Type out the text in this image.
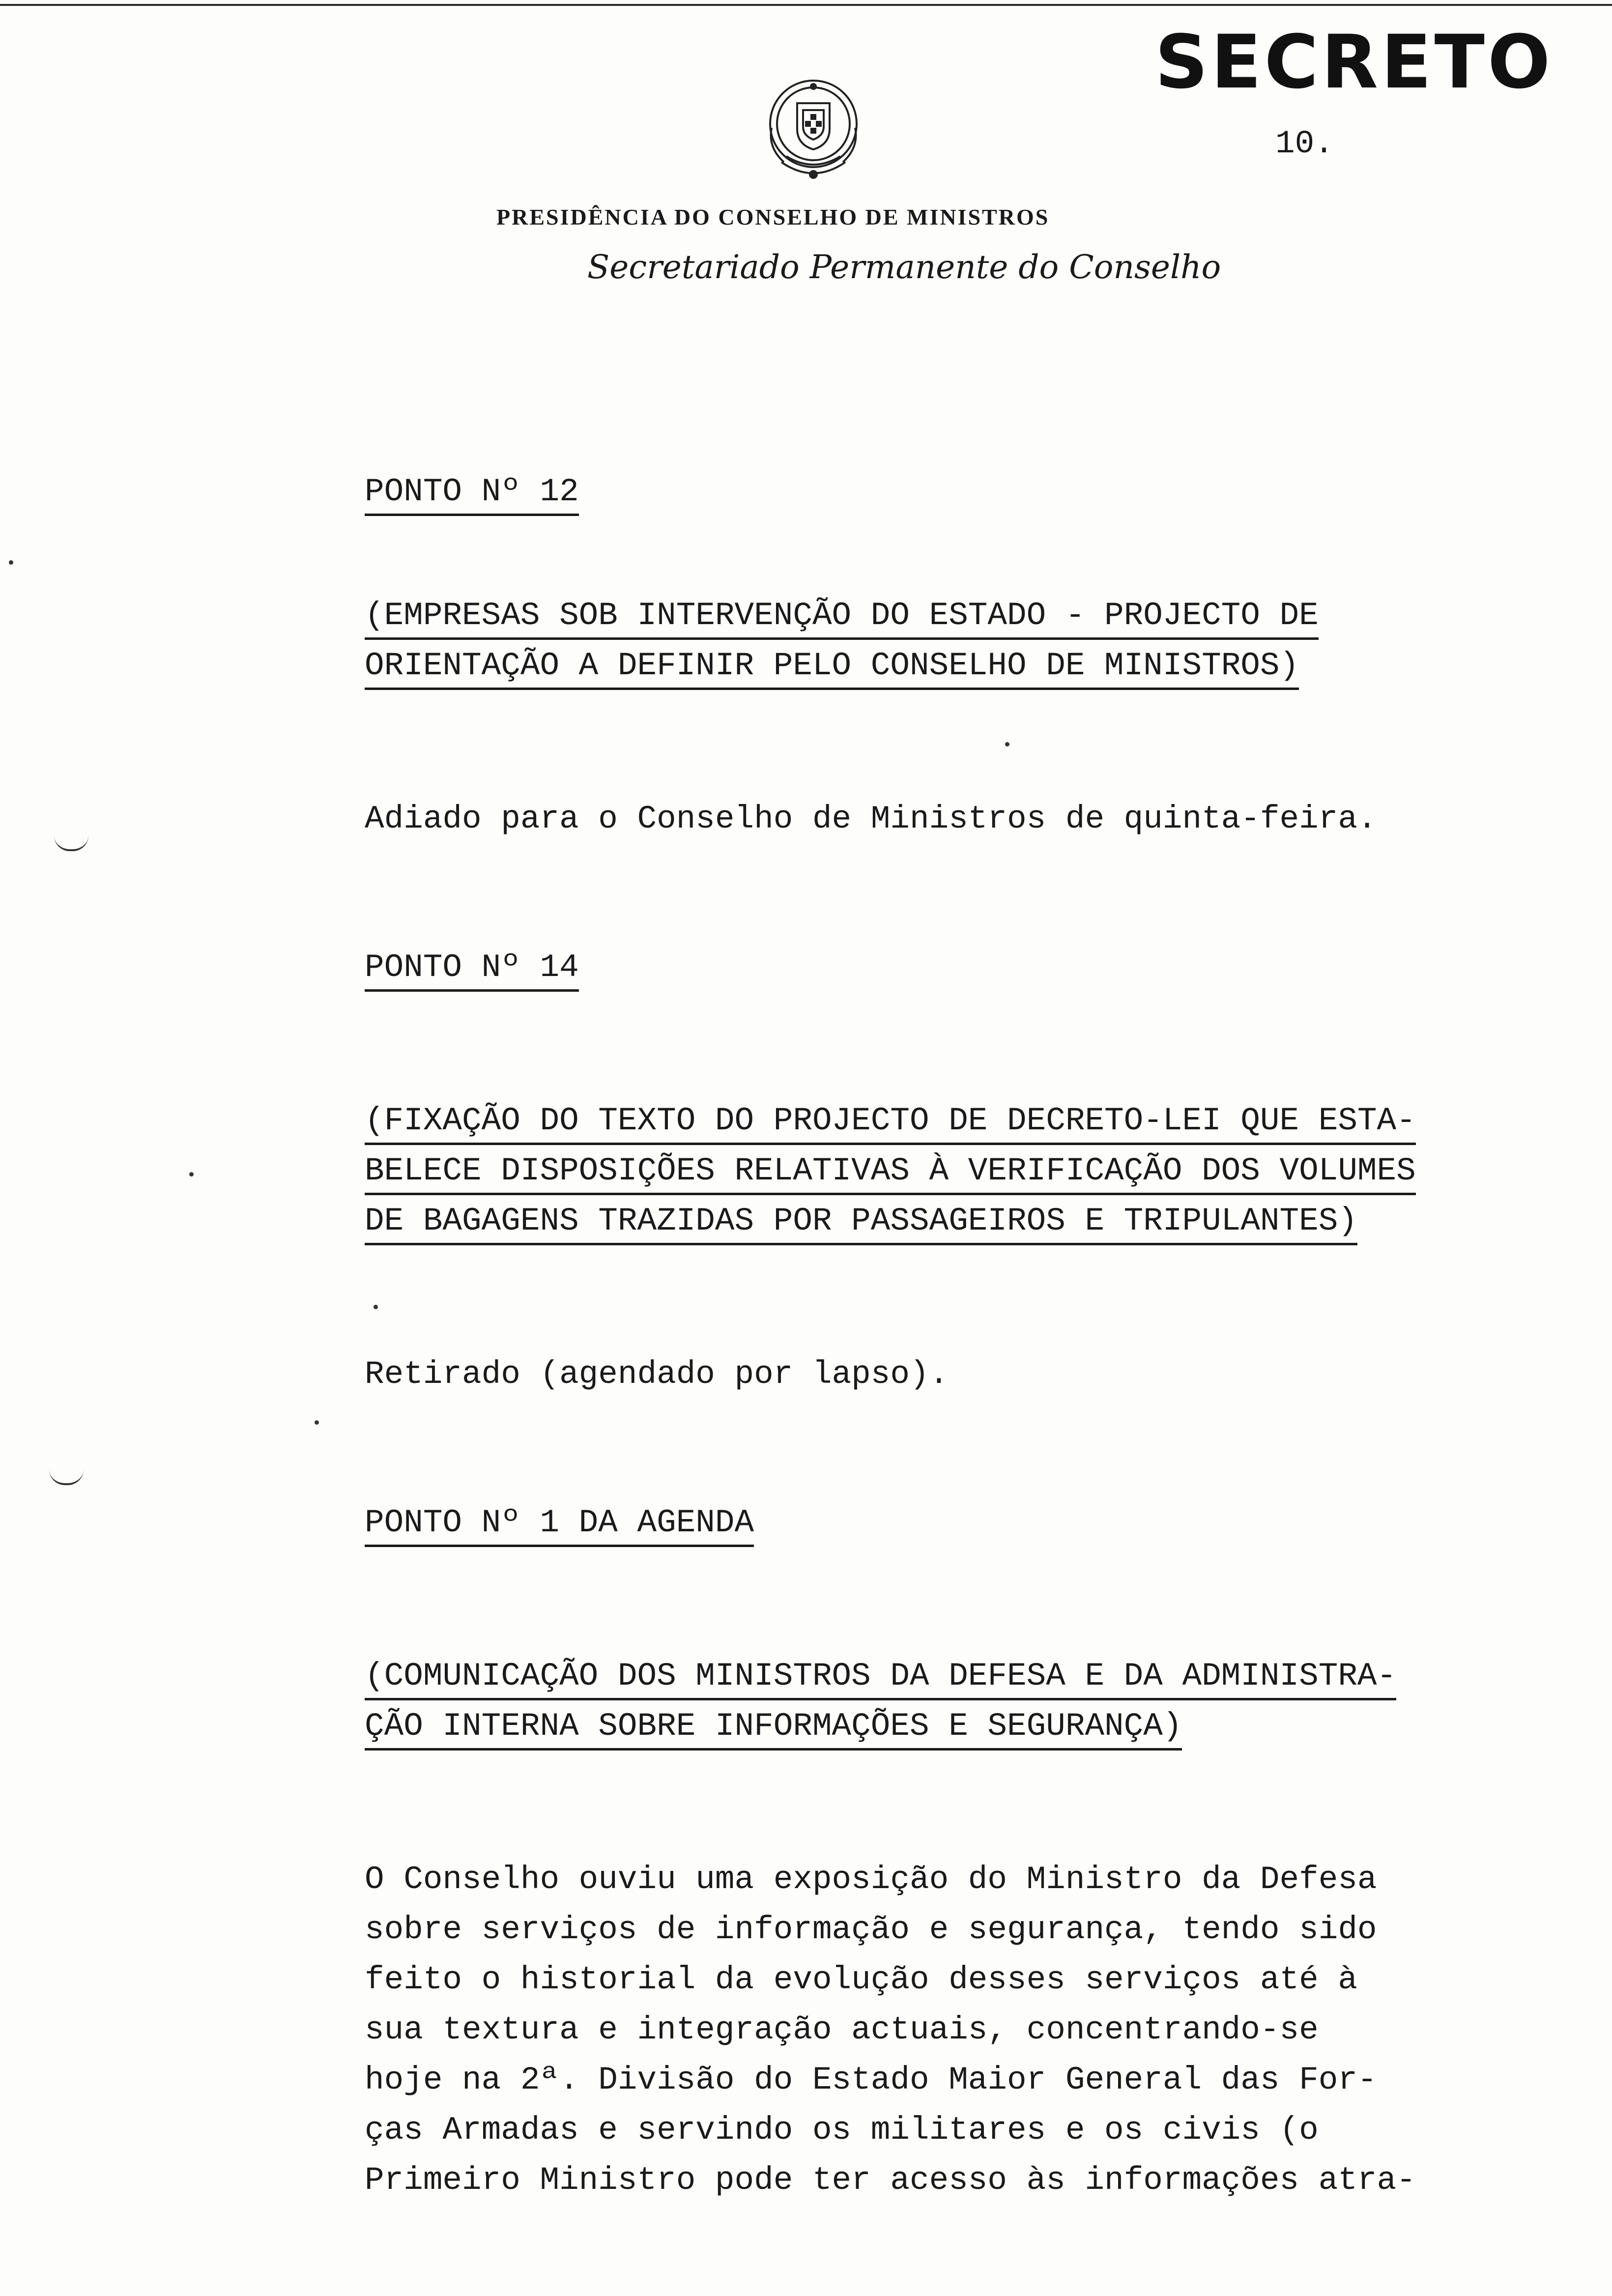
SECRETO
10.
PRESIDÊNCIA DO CONSELHO DE MINISTROS
Secretariado Permanente do Conselho
PONTO Nº 12
(EMPRESAS SOB INTERVENÇÃO DO ESTADO - PROJECTO DE
ORIENTAÇÃO A DEFINIR PELO CONSELHO DE MINISTROS)
Adiado para o Conselho de Ministros de quinta-feira.
PONTO Nº 14
(FIXAÇÃO DO TEXTO DO PROJECTO DE DECRETO-LEI QUE ESTA-
BELECE DISPOSIÇÕES RELATIVAS À VERIFICAÇÃO DOS VOLUMES
DE BAGAGENS TRAZIDAS POR PASSAGEIROS E TRIPULANTES)
Retirado (agendado por lapso).
PONTO Nº 1 DA AGENDA
(COMUNICAÇÃO DOS MINISTROS DA DEFESA E DA ADMINISTRA-
ÇÃO INTERNA SOBRE INFORMAÇÕES E SEGURANÇA)
O Conselho ouviu uma exposição do Ministro da Defesa
sobre serviços de informação e segurança, tendo sido
feito o historial da evolução desses serviços até à
sua textura e integração actuais, concentrando-se
hoje na 2ª. Divisão do Estado Maior General das For-
ças Armadas e servindo os militares e os civis (o
Primeiro Ministro pode ter acesso às informações atra-
